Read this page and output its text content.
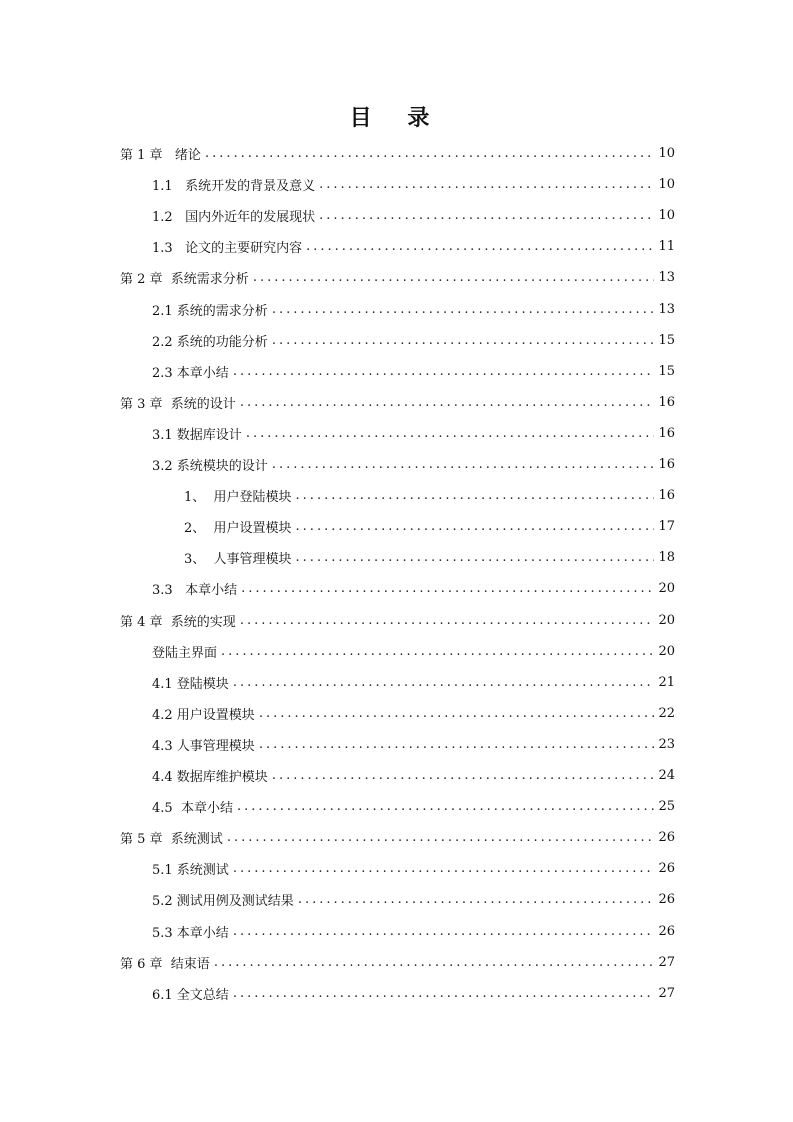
目 录
第 1 章   绪论 .....	10
1.1   系统开发的背景及意义 .....	10
1.2   国内外近年的发展现状 .....	10
1.3   论文的主要研究内容 .....	11
第 2 章  系统需求分析 .....	13
2.1 系统的需求分析 .....	13
2.2 系统的功能分析 .....	15
2.3 本章小结 .....	15
第 3 章  系统的设计 .....	16
3.1 数据库设计 .....	16
3.2 系统模块的设计 .....	16
1、  用户登陆模块 .....	16
2、  用户设置模块 .....	17
3、  人事管理模块 .....	18
3.3   本章小结 .....	20
第 4 章  系统的实现 .....	20
登陆主界面 .....	20
4.1 登陆模块 .....	21
4.2 用户设置模块 .....	22
4.3 人事管理模块 .....	23
4.4 数据库维护模块 .....	24
4.5  本章小结 .....	25
第 5 章  系统测试 .....	26
5.1 系统测试 .....	26
5.2 测试用例及测试结果 .....	26
5.3 本章小结 .....	26
第 6 章  结束语 .....	27
6.1 全文总结 .....	27
